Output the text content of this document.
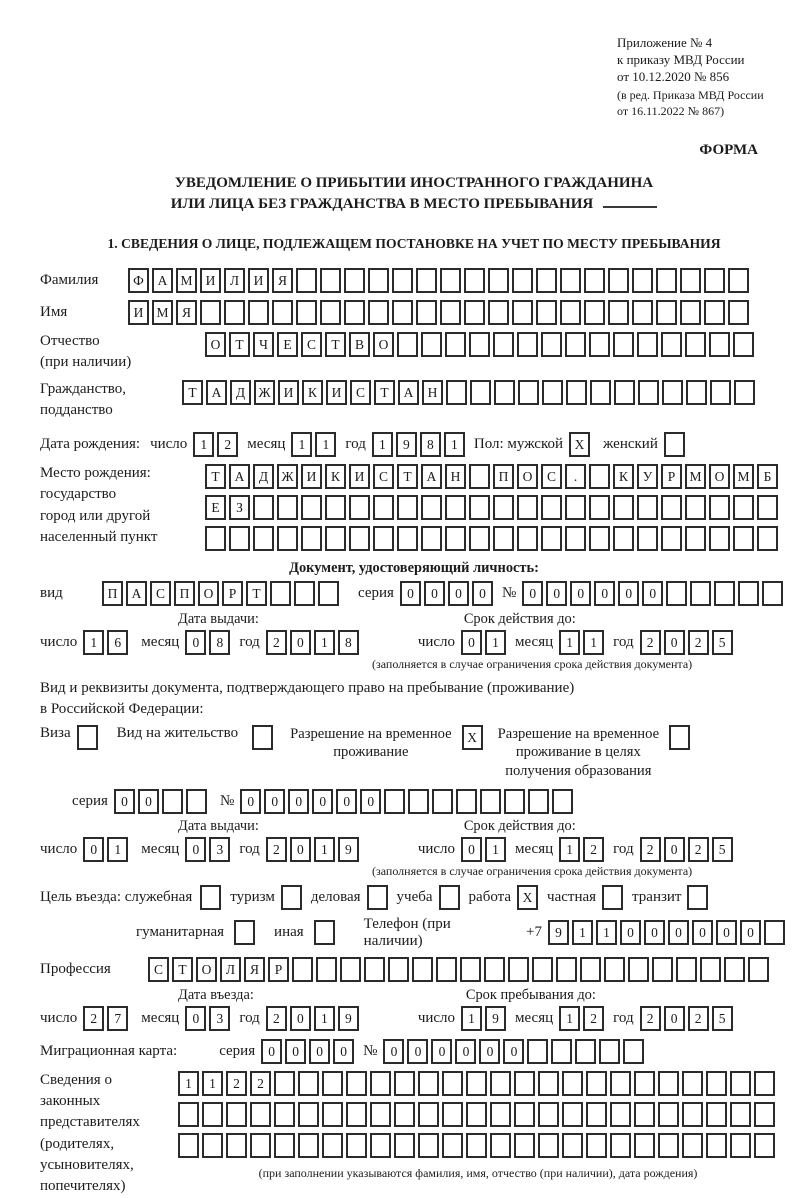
Приложение № 4
к приказу МВД России
от 10.12.2020 № 856
(в ред. Приказа МВД России
от 16.11.2022 № 867)
ФОРМА
УВЕДОМЛЕНИЕ О ПРИБЫТИИ ИНОСТРАННОГО ГРАЖДАНИНА
ИЛИ ЛИЦА БЕЗ ГРАЖДАНСТВА В МЕСТО ПРЕБЫВАНИЯ
1. СВЕДЕНИЯ О ЛИЦЕ, ПОДЛЕЖАЩЕМ ПОСТАНОВКЕ НА УЧЕТ ПО МЕСТУ ПРЕБЫВАНИЯ
Фамилия	Ф	А М И	Л	И	Я
Имя	И М Я
Отчество
(при наличии)
О	Т	Ч	Е	С	Т	В	О
Гражданство,
подданство
Т	А	Д Ж И	К	И	С	Т	А	Н
Дата рождения: число 1	2	месяц 1	1	год 1	9	8	1	Пол: мужской X	женский
Место рождения:
государство
город или другой
населенный пункт
Т	А	Д Ж И	К	И	С	Т	А	Н	П	О	С	.	К	У	Р	М О М	Б
Е	З
Документ, удостоверяющий личность:
вид	П	А	С	П	О	Р	Т	серия 0	0	0	0	№ 0	0	0	0	0	0
Дата выдачи:	Срок действия до:
число 1	6	месяц 0	8	год 2	0	1	8	число 0	1	месяц 1	1	год 2	0	2	5
(заполняется в случае ограничения срока действия документа)
Вид и реквизиты документа, подтверждающего право на пребывание (проживание)
в Российской Федерации:
Виза	Вид на жительство	Разрешение на временное
проживание
X	Разрешение на временное
проживание в целях
получения образования
серия 0	0	№ 0	0	0	0	0	0
Дата выдачи:	Срок действия до:
число 0	1	месяц 0	3	год 2	0	1	9	число 0	1	месяц 1	2	год 2	0	2	5
(заполняется в случае ограничения срока действия документа)
Цель въезда: служебная	туризм деловая учеба работа X частная транзит
гуманитарная	иная
Телефон (при наличии)
+7 9	1	1	0	0	0	0	0	0
Профессия	С	Т	О	Л	Я	Р
Дата въезда:	Срок пребывания до:
число 2	7	месяц 0	3	год 2	0	1	9	число 1	9	месяц 1	2	год 2	0	2	5
Миграционная карта:	серия 0	0	0	0	№ 0	0	0	0	0	0
Сведения о
законных
представителях
(родителях,
усыновителях,
попечителях)
1	1	2	2
(при заполнении указываются фамилия, имя, отчество (при наличии), дата рождения)
